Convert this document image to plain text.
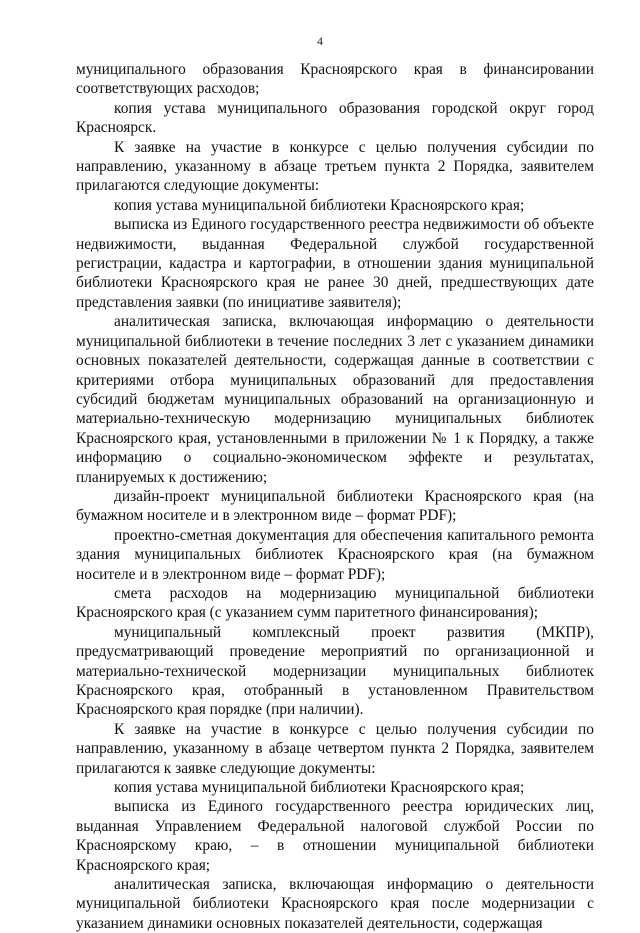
4

муниципального образования Красноярского края в финансировании соответствующих расходов;

копия устава муниципального образования городской округ город Красноярск.

К заявке на участие в конкурсе с целью получения субсидии по направлению, указанному в абзаце третьем пункта 2 Порядка, заявителем прилагаются следующие документы:

копия устава муниципальной библиотеки Красноярского края;

выписка из Единого государственного реестра недвижимости об объекте недвижимости, выданная Федеральной службой государственной регистрации, кадастра и картографии, в отношении здания муниципальной библиотеки Красноярского края не ранее 30 дней, предшествующих дате представления заявки (по инициативе заявителя);

аналитическая записка, включающая информацию о деятельности муниципальной библиотеки в течение последних 3 лет с указанием динамики основных показателей деятельности, содержащая данные в соответствии с критериями отбора муниципальных образований для предоставления субсидий бюджетам муниципальных образований на организационную и материально-техническую модернизацию муниципальных библиотек Красноярского края, установленными в приложении № 1 к Порядку, а также информацию о социально-экономическом эффекте и результатах, планируемых к достижению;

дизайн-проект муниципальной библиотеки Красноярского края (на бумажном носителе и в электронном виде – формат PDF);

проектно-сметная документация для обеспечения капитального ремонта здания муниципальных библиотек Красноярского края (на бумажном носителе и в электронном виде – формат PDF);

смета расходов на модернизацию муниципальной библиотеки Красноярского края (с указанием сумм паритетного финансирования);

муниципальный комплексный проект развития (МКПР), предусматривающий проведение мероприятий по организационной и материально-технической модернизации муниципальных библиотек Красноярского края, отобранный в установленном Правительством Красноярского края порядке (при наличии).

К заявке на участие в конкурсе с целью получения субсидии по направлению, указанному в абзаце четвертом пункта 2 Порядка, заявителем прилагаются к заявке следующие документы:

копия устава муниципальной библиотеки Красноярского края;

выписка из Единого государственного реестра юридических лиц, выданная Управлением Федеральной налоговой службой России по Красноярскому краю, – в отношении муниципальной библиотеки Красноярского края;

аналитическая записка, включающая информацию о деятельности муниципальной библиотеки Красноярского края после модернизации с указанием динамики основных показателей деятельности, содержащая
